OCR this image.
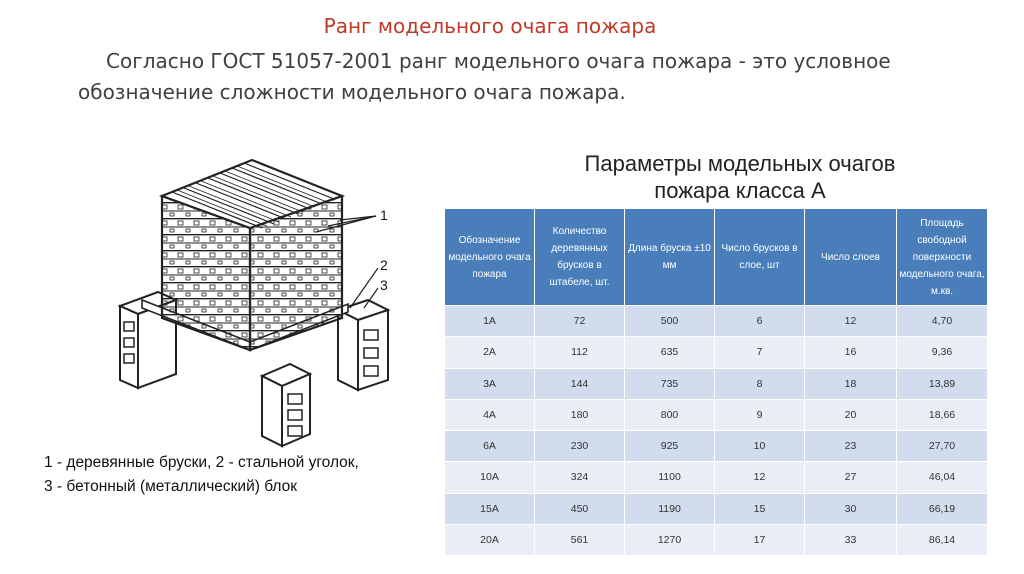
Ранг модельного очага пожара
Согласно ГОСТ 51057-2001 ранг модельного очага пожара - это условное
обозначение сложности модельного очага пожара.
1
2
3
1 - деревянные бруски, 2 - стальной уголок,
3 - бетонный (металлический) блок
Параметры модельных очагов
пожара класса А
Обозначение модельного очага пожара	Количество деревянных брусков в штабеле, шт.	Длина бруска ±10 мм	Число брусков в слое, шт	Число слоев	Площадь свободной поверхности модельного очага, м.кв.
1А	72	500	6	12	4,70
2А	112	635	7	16	9,36
3А	144	735	8	18	13,89
4А	180	800	9	20	18,66
6А	230	925	10	23	27,70
10А	324	1100	12	27	46,04
15А	450	1190	15	30	66,19
20А	561	1270	17	33	86,14
